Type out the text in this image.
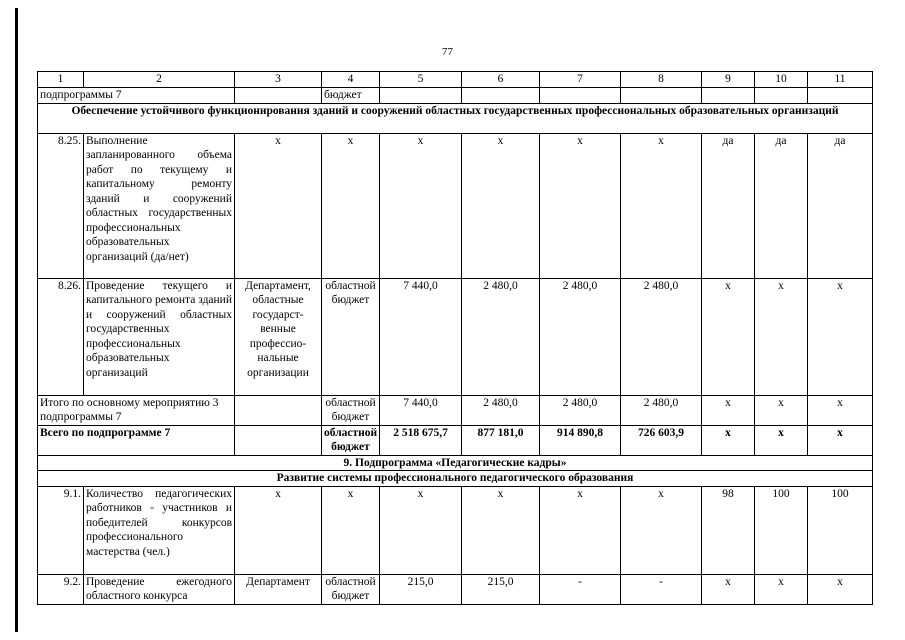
77
1	2	3	4	5	6	7	8	9	10	11
подпрограммы 7			бюджет							
Обеспечение устойчивого функционирования зданий и сооружений областных государственных профессиональных образовательных организаций										
8.25.	Выполнение запланированного объема работ по текущему и капитальному ремонту зданий и сооружений областных государственных профессиональных образовательных организаций (да/нет)	х	х	х	х	х	х	да	да	да
8.26.	Проведение текущего и капитального ремонта зданий и сооружений областных государственных профессиональных образовательных организаций	Департамент, областные государст-венные профессио-нальные организации	областной бюджет	7 440,0	2 480,0	2 480,0	2 480,0	х	х	х
Итого по основному мероприятию 3 подпрограммы 7			областной бюджет	7 440,0	2 480,0	2 480,0	2 480,0	х	х	х
Всего по подпрограмме 7			областной бюджет	2 518 675,7	877 181,0	914 890,8	726 603,9	х	х	х
9. Подпрограмма «Педагогические кадры»										
Развитие системы профессионального педагогического образования										
9.1.	Количество педагогических работников - участников и победителей конкурсов профессионального мастерства (чел.)	х	х	х	х	х	х	98	100	100
9.2.	Проведение ежегодного областного конкурса	Департамент	областной бюджет	215,0	215,0	-	-	х	х	х
